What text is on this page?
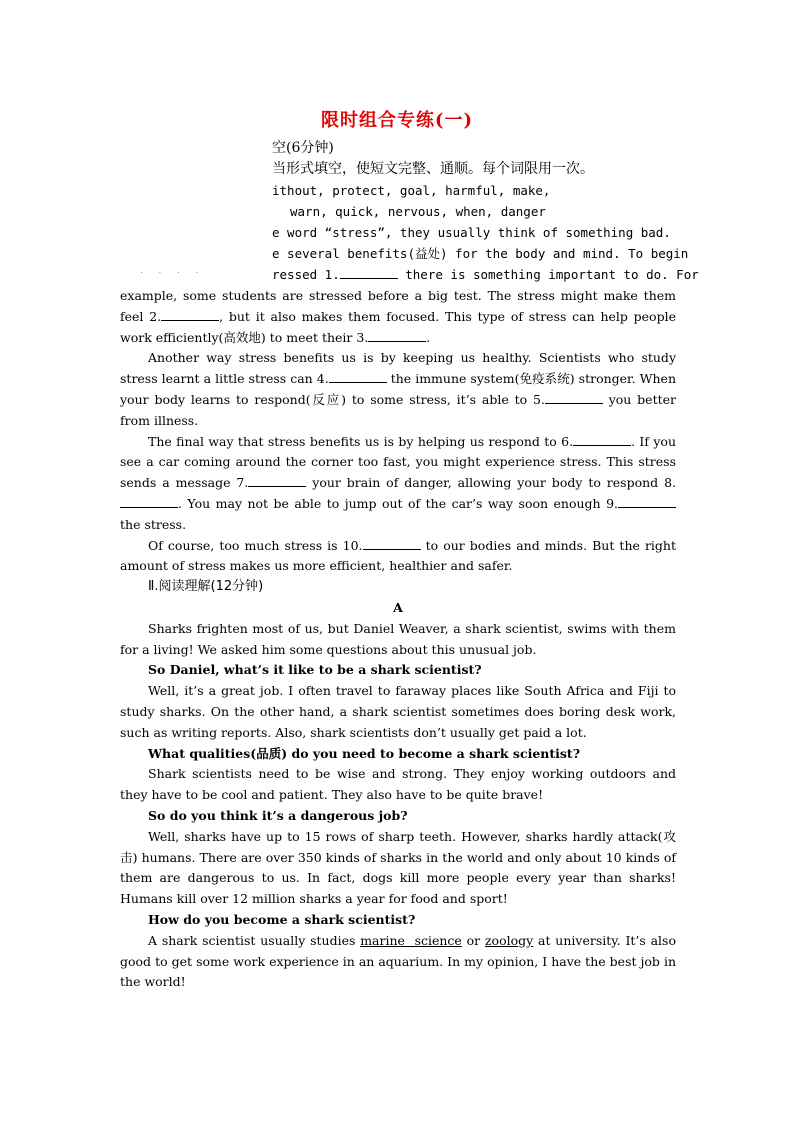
限时组合专练(一)
空(6分钟)
当形式填空，使短文完整、通顺。每个词限用一次。
ithout, protect, goal, harmful, make,
warn, quick, nervous, when, danger
e word “stress”, they usually think of something bad.
e several benefits(益处) for the body and mind. To begin
ressed 1.	there is something important to do. For
· · · ·

example, some students are stressed before a big test. The stress might make them feel 2.	, but it also makes them focused. This type of stress can help people work efficiently(高效地) to meet their 3.	.

Another way stress benefits us is by keeping us healthy. Scientists who study stress learnt a little stress can 4.	the immune system(免疫系统) stronger. When your body learns to respond(反应) to some stress, it’s able to 5.	you better from illness.

The final way that stress benefits us is by helping us respond to 6.	. If you see a car coming around the corner too fast, you might experience stress. This stress sends a message 7.	your brain of danger, allowing your body to respond 8.. You may not be able to jump out of the car’s way soon enough 9. the stress.

Of course, too much stress is 10.	to our bodies and minds. But the right amount of stress makes us more efficient, healthier and safer.

Ⅱ.阅读理解(12分钟)

A

Sharks frighten most of us, but Daniel Weaver, a shark scientist, swims with them for a living! We asked him some questions about this unusual job.

So Daniel, what’s it like to be a shark scientist?

Well, it’s a great job. I often travel to faraway places like South Africa and Fiji to study sharks. On the other hand, a shark scientist sometimes does boring desk work, such as writing reports. Also, shark scientists don’t usually get paid a lot.

What qualities(品质) do you need to become a shark scientist?

Shark scientists need to be wise and strong. They enjoy working outdoors and they have to be cool and patient. They also have to be quite brave!

So do you think it’s a dangerous job?

Well, sharks have up to 15 rows of sharp teeth. However, sharks hardly attack(攻击) humans. There are over 350 kinds of sharks in the world and only about 10 kinds of them are dangerous to us. In fact, dogs kill more people every year than sharks! Humans kill over 12 million sharks a year for food and sport!

How do you become a shark scientist?

A shark scientist usually studies marine science or zoology at university. It’s also good to get some work experience in an aquarium. In my opinion, I have the best job in the world!
